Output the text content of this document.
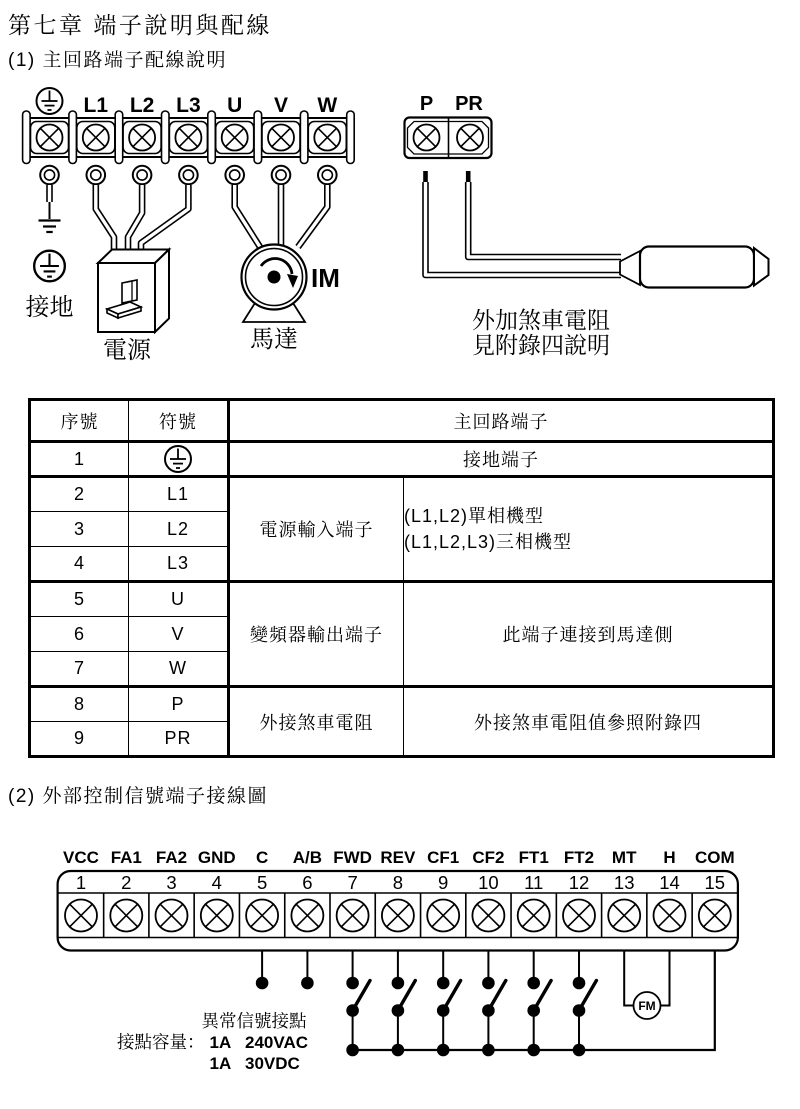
第七章 端子說明與配線
(1) 主回路端子配線說明
L1 L2 L3 U V W
接地
電源
IM
馬達
P PR
外加煞車電阻
見附錄四說明
序號	符號	主回路端子	
1		接地端子	
2	L1	電源輸入端子	(L1,L2)單相機型
(L1,L2,L3)三相機型

3	L2		
4	L3		
5	U	變頻器輸出端子	此端子連接到馬達側
6	V		
7	W		
8	P	外接煞車電阻	外接煞車電阻值參照附錄四
9	PR		
(2) 外部控制信號端子接線圖
VCC FA1 FA2 GND C A/B FWD REV CF1 CF2 FT1 FT2 MT H COM
1 2 3 4 5 6 7 8 9 10 11 12 13 14 15
FM
異常信號接點
接點容量： 1A 240VAC
1A 30VDC
